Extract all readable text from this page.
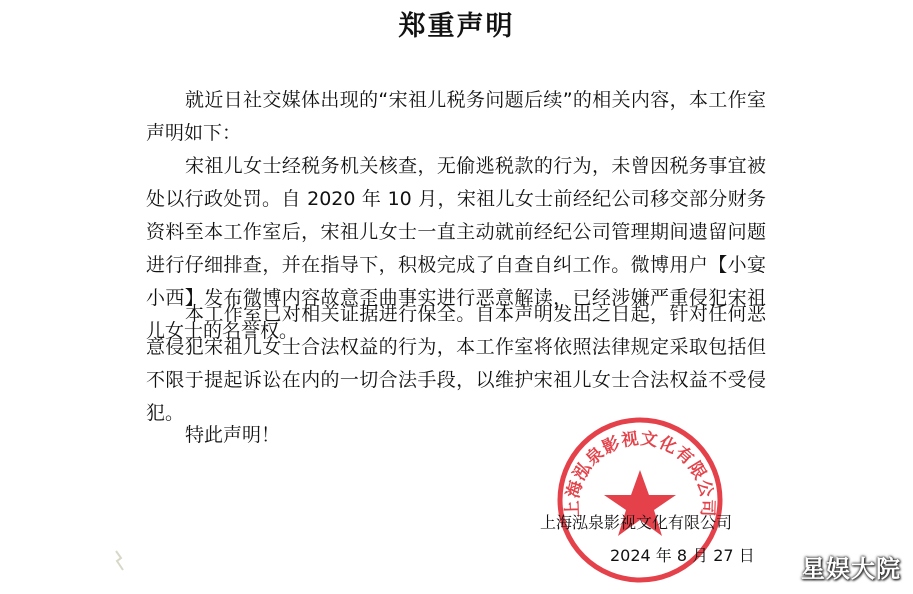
郑重声明

就近日社交媒体出现的“宋祖儿税务问题后续”的相关内容，本工作室声明如下：

宋祖儿女士经税务机关核查，无偷逃税款的行为，未曾因税务事宜被处以行政处罚。自 2020 年 10 月，宋祖儿女士前经纪公司移交部分财务资料至本工作室后，宋祖儿女士一直主动就前经纪公司管理期间遗留问题进行仔细排查，并在指导下，积极完成了自查自纠工作。微博用户【小宴小西】发布微博内容故意歪曲事实进行恶意解读，已经涉嫌严重侵犯宋祖儿女士的名誉权。

本工作室已对相关证据进行保全。自本声明发出之日起，针对任何恶意侵犯宋祖儿女士合法权益的行为，本工作室将依照法律规定采取包括但不限于提起诉讼在内的一切合法手段，以维护宋祖儿女士合法权益不受侵犯。

特此声明！
上海泓泉影视文化有限公司
上海泓泉影视文化有限公司
2024 年 8 月 27 日 星娱大院
